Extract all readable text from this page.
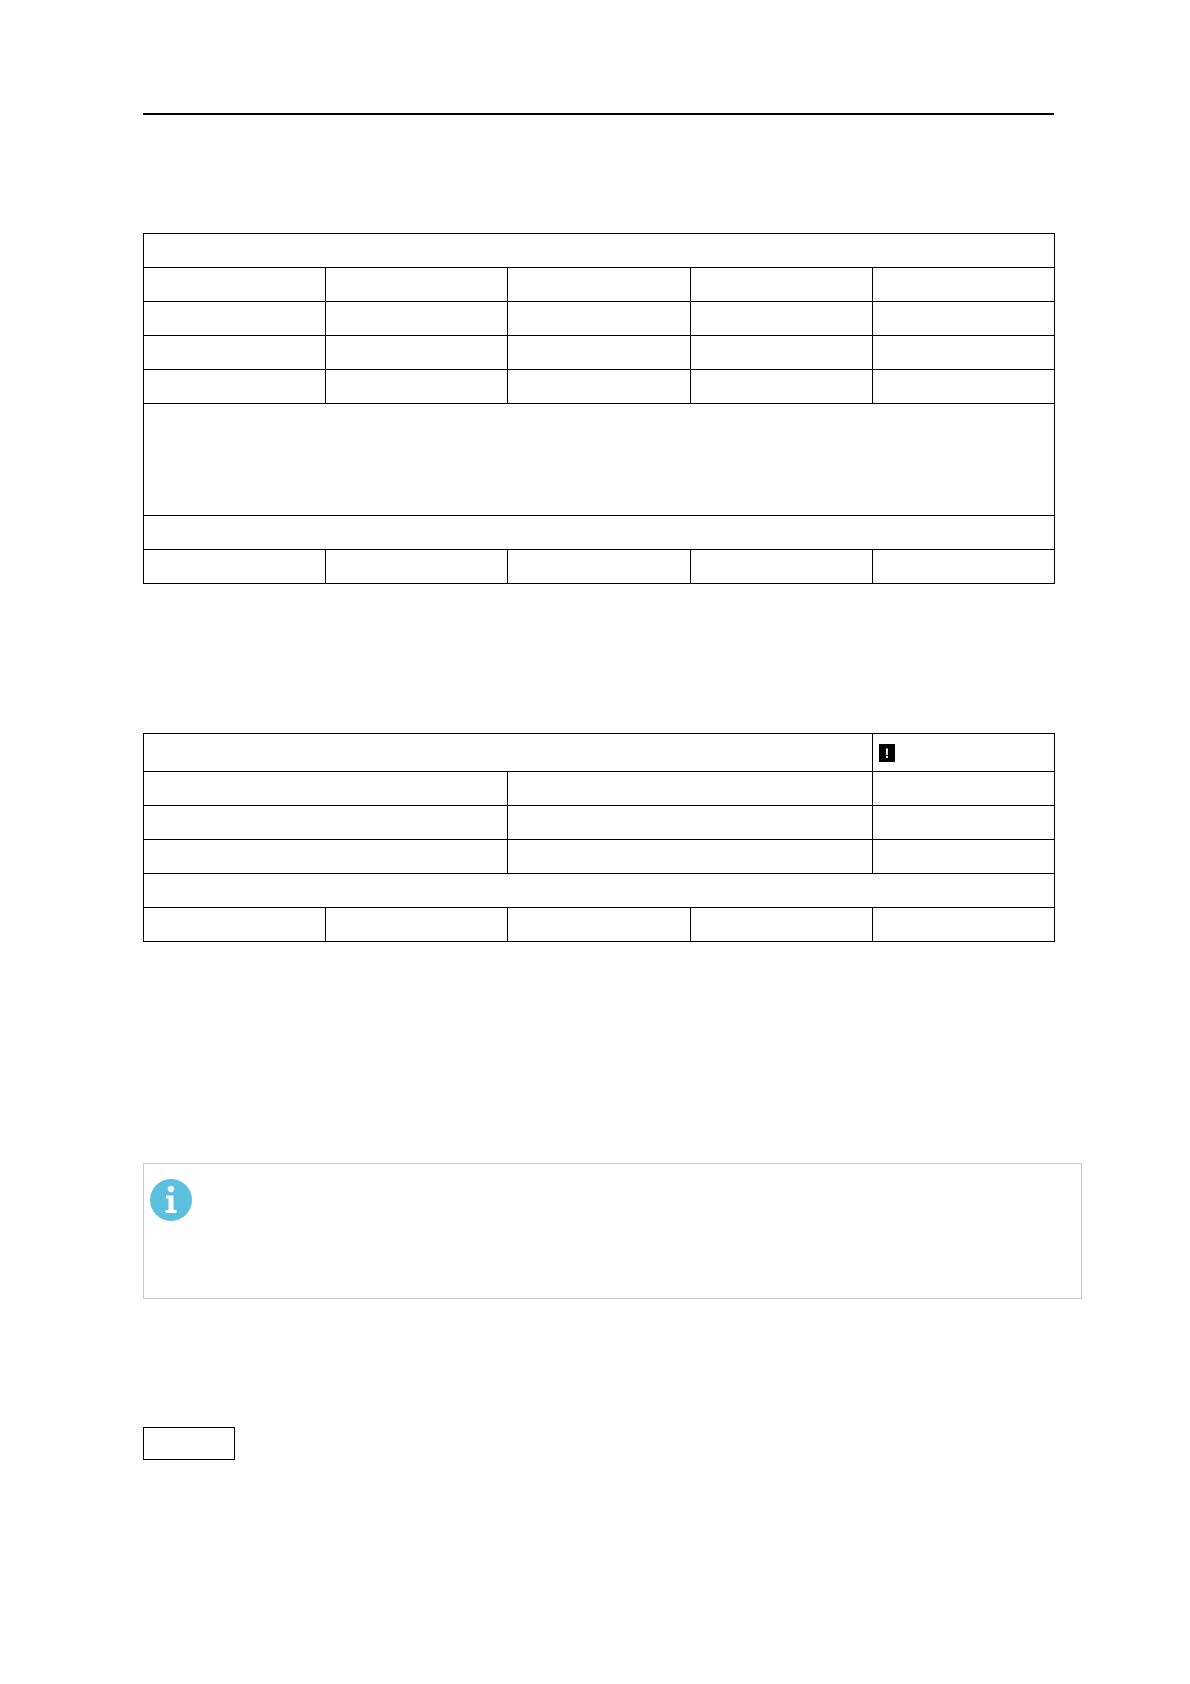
				!
